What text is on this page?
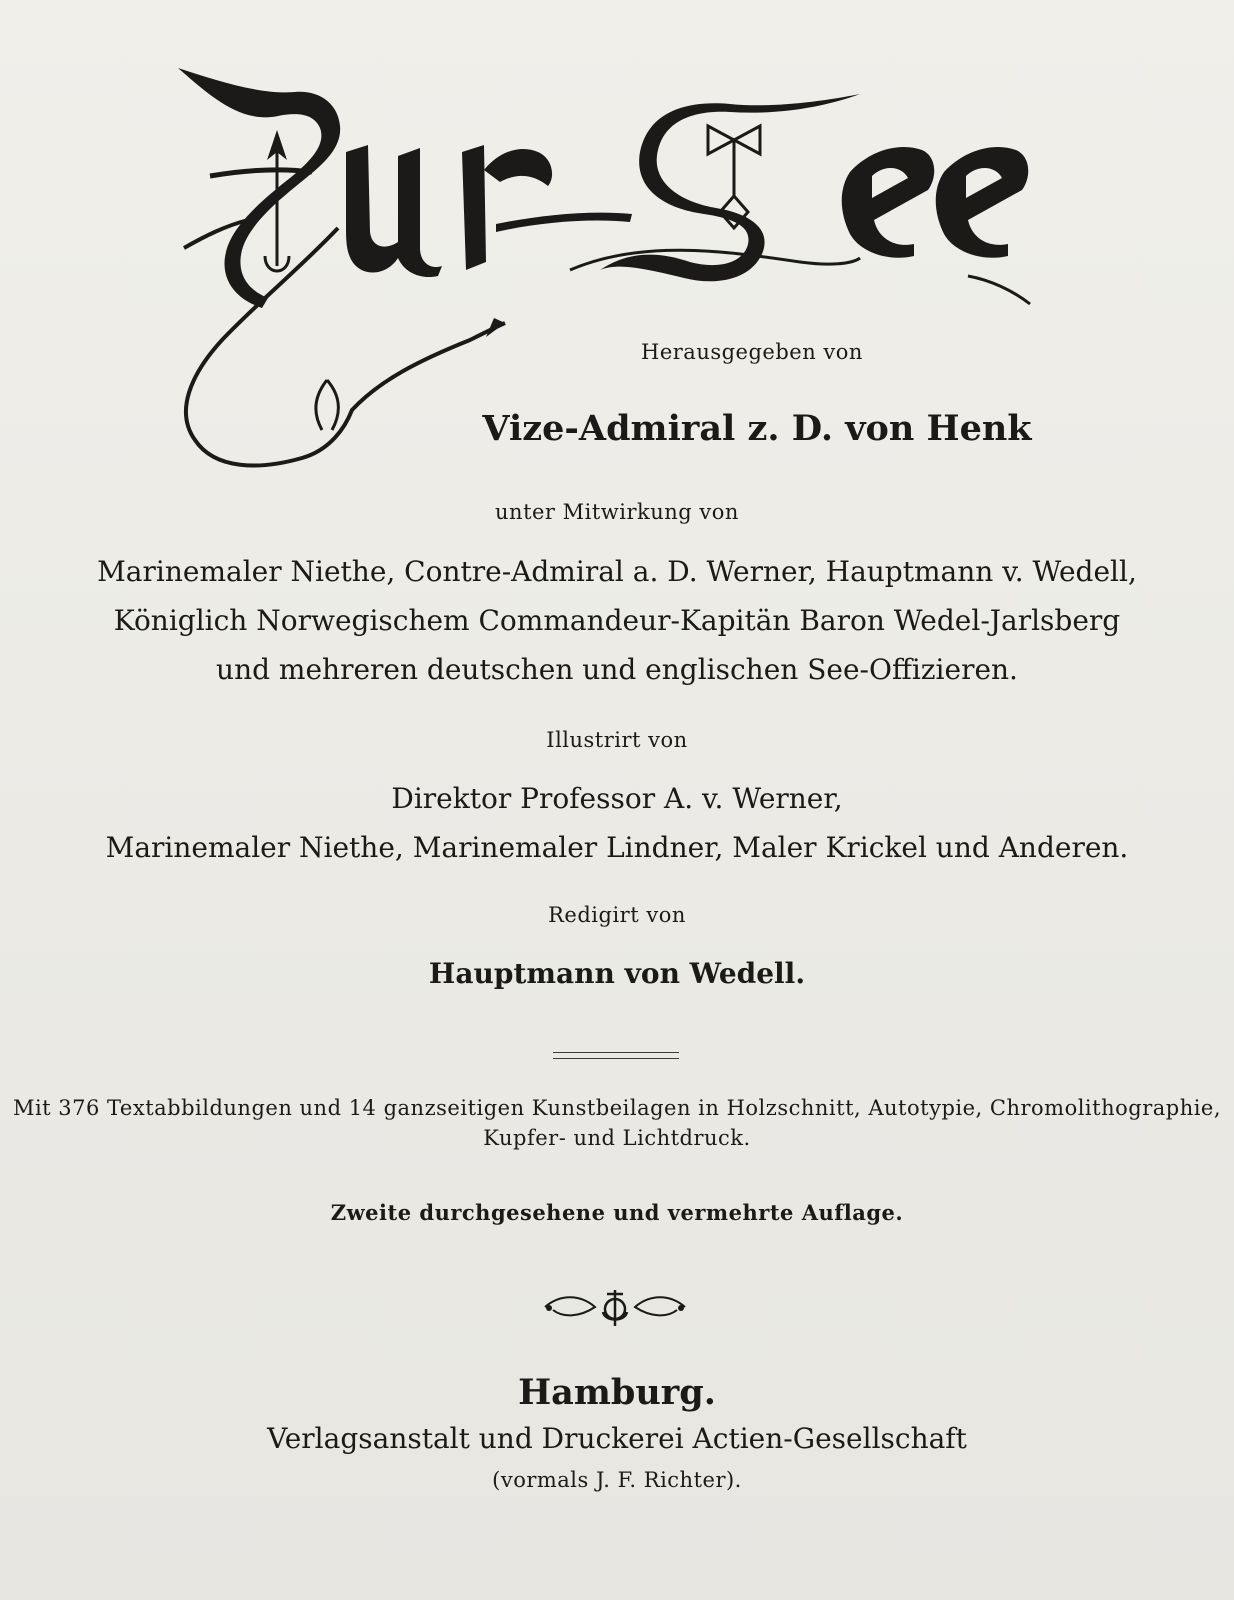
Zur See
Herausgegeben von
Vize-Admiral z. D. von Henk
unter Mitwirkung von
Marinemaler Niethe, Contre-Admiral a. D. Werner, Hauptmann v. Wedell,
Königlich Norwegischem Commandeur-Kapitän Baron Wedel-Jarlsberg
und mehreren deutschen und englischen See-Offizieren.
Illustrirt von
Direktor Professor A. v. Werner,
Marinemaler Niethe, Marinemaler Lindner, Maler Krickel und Anderen.
Redigirt von
Hauptmann von Wedell.
Mit 376 Textabbildungen und 14 ganzseitigen Kunstbeilagen in Holzschnitt, Autotypie, Chromolithographie,
Kupfer- und Lichtdruck.
Zweite durchgesehene und vermehrte Auflage.
Hamburg.
Verlagsanstalt und Druckerei Actien-Gesellschaft
(vormals J. F. Richter).
